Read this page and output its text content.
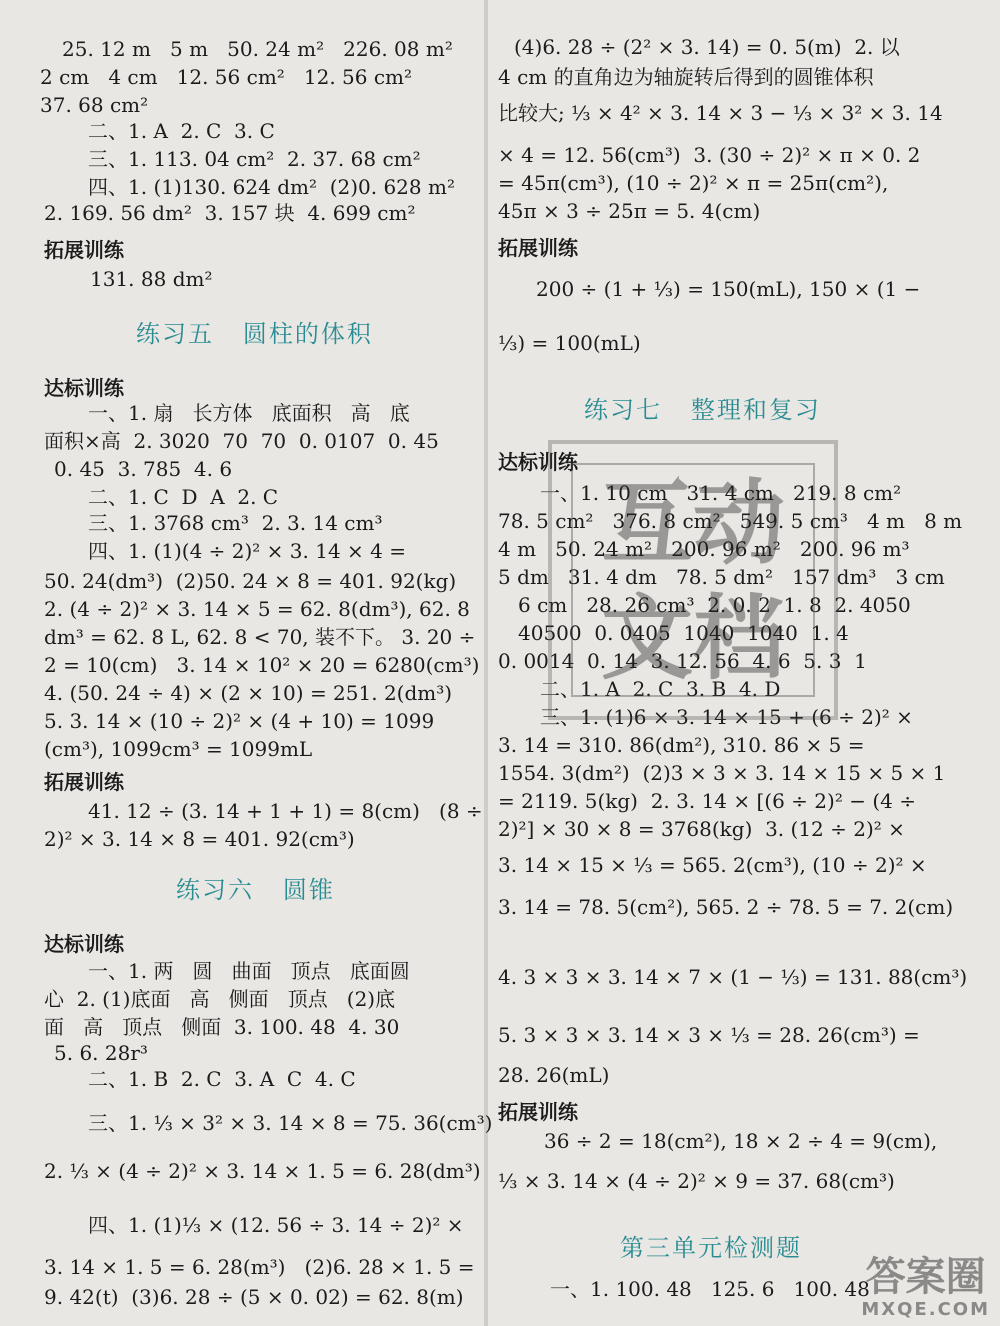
25. 12 m   5 m   50. 24 m²   226. 08 m²
2 cm   4 cm   12. 56 cm²   12. 56 cm²
37. 68 cm²
二、1. A  2. C  3. C
三、1. 113. 04 cm²  2. 37. 68 cm²
四、1. (1)130. 624 dm²  (2)0. 628 m²
2. 169. 56 dm²  3. 157 块  4. 699 cm²
拓展训练
131. 88 dm²
练习五   圆柱的体积
达标训练
一、1. 扇   长方体   底面积   高   底
面积×高  2. 3020  70  70  0. 0107  0. 45
0. 45  3. 785  4. 6
二、1. C  D  A  2. C
三、1. 3768 cm³  2. 3. 14 cm³
四、1. (1)(4 ÷ 2)² × 3. 14 × 4 =
50. 24(dm³)  (2)50. 24 × 8 = 401. 92(kg)
2. (4 ÷ 2)² × 3. 14 × 5 = 62. 8(dm³), 62. 8
dm³ = 62. 8 L, 62. 8 < 70, 装不下。 3. 20 ÷
2 = 10(cm)   3. 14 × 10² × 20 = 6280(cm³)
4. (50. 24 ÷ 4) × (2 × 10) = 251. 2(dm³)
5. 3. 14 × (10 ÷ 2)² × (4 + 10) = 1099
(cm³), 1099cm³ = 1099mL
拓展训练
41. 12 ÷ (3. 14 + 1 + 1) = 8(cm)   (8 ÷
2)² × 3. 14 × 8 = 401. 92(cm³)
练习六   圆锥
达标训练
一、1. 两   圆   曲面   顶点   底面圆
心  2. (1)底面   高   侧面   顶点   (2)底
面   高   顶点   侧面  3. 100. 48  4. 30
5. 6. 28r³
二、1. B  2. C  3. A  C  4. C
三、1. ⅓ × 3² × 3. 14 × 8 = 75. 36(cm³)
2. ⅓ × (4 ÷ 2)² × 3. 14 × 1. 5 = 6. 28(dm³)
四、1. (1)⅓ × (12. 56 ÷ 3. 14 ÷ 2)² ×
3. 14 × 1. 5 = 6. 28(m³)   (2)6. 28 × 1. 5 =
9. 42(t)  (3)6. 28 ÷ (5 × 0. 02) = 62. 8(m)
(4)6. 28 ÷ (2² × 3. 14) = 0. 5(m)  2. 以
4 cm 的直角边为轴旋转后得到的圆锥体积
比较大; ⅓ × 4² × 3. 14 × 3 − ⅓ × 3² × 3. 14
× 4 = 12. 56(cm³)  3. (30 ÷ 2)² × π × 0. 2
= 45π(cm³), (10 ÷ 2)² × π = 25π(cm²),
45π × 3 ÷ 25π = 5. 4(cm)
拓展训练
200 ÷ (1 + ⅓) = 150(mL), 150 × (1 −
⅓) = 100(mL)
练习七   整理和复习
达标训练
一、1. 10 cm   31. 4 cm   219. 8 cm²
78. 5 cm²   376. 8 cm²   549. 5 cm³   4 m   8 m
4 m   50. 24 m²   200. 96 m²   200. 96 m³
5 dm   31. 4 dm   78. 5 dm²   157 dm³   3 cm
6 cm   28. 26 cm³  2. 0. 2  1. 8  2. 4050
40500  0. 0405  1040  1040  1. 4
0. 0014  0. 14  3. 12. 56  4. 6  5. 3  1
二、1. A  2. C  3. B  4. D
三、1. (1)6 × 3. 14 × 15 + (6 ÷ 2)² ×
3. 14 = 310. 86(dm²), 310. 86 × 5 =
1554. 3(dm²)  (2)3 × 3 × 3. 14 × 15 × 5 × 1
= 2119. 5(kg)  2. 3. 14 × [(6 ÷ 2)² − (4 ÷
2)²] × 30 × 8 = 3768(kg)  3. (12 ÷ 2)² ×
3. 14 × 15 × ⅓ = 565. 2(cm³), (10 ÷ 2)² ×
3. 14 = 78. 5(cm²), 565. 2 ÷ 78. 5 = 7. 2(cm)
4. 3 × 3 × 3. 14 × 7 × (1 − ⅓) = 131. 88(cm³)
5. 3 × 3 × 3. 14 × 3 × ⅓ = 28. 26(cm³) =
28. 26(mL)
拓展训练
36 ÷ 2 = 18(cm²), 18 × 2 ÷ 4 = 9(cm),
⅓ × 3. 14 × (4 ÷ 2)² × 9 = 37. 68(cm³)
第三单元检测题
一、1. 100. 48   125. 6   100. 48
互 动
文 档
答案圈
MXQE.COM
